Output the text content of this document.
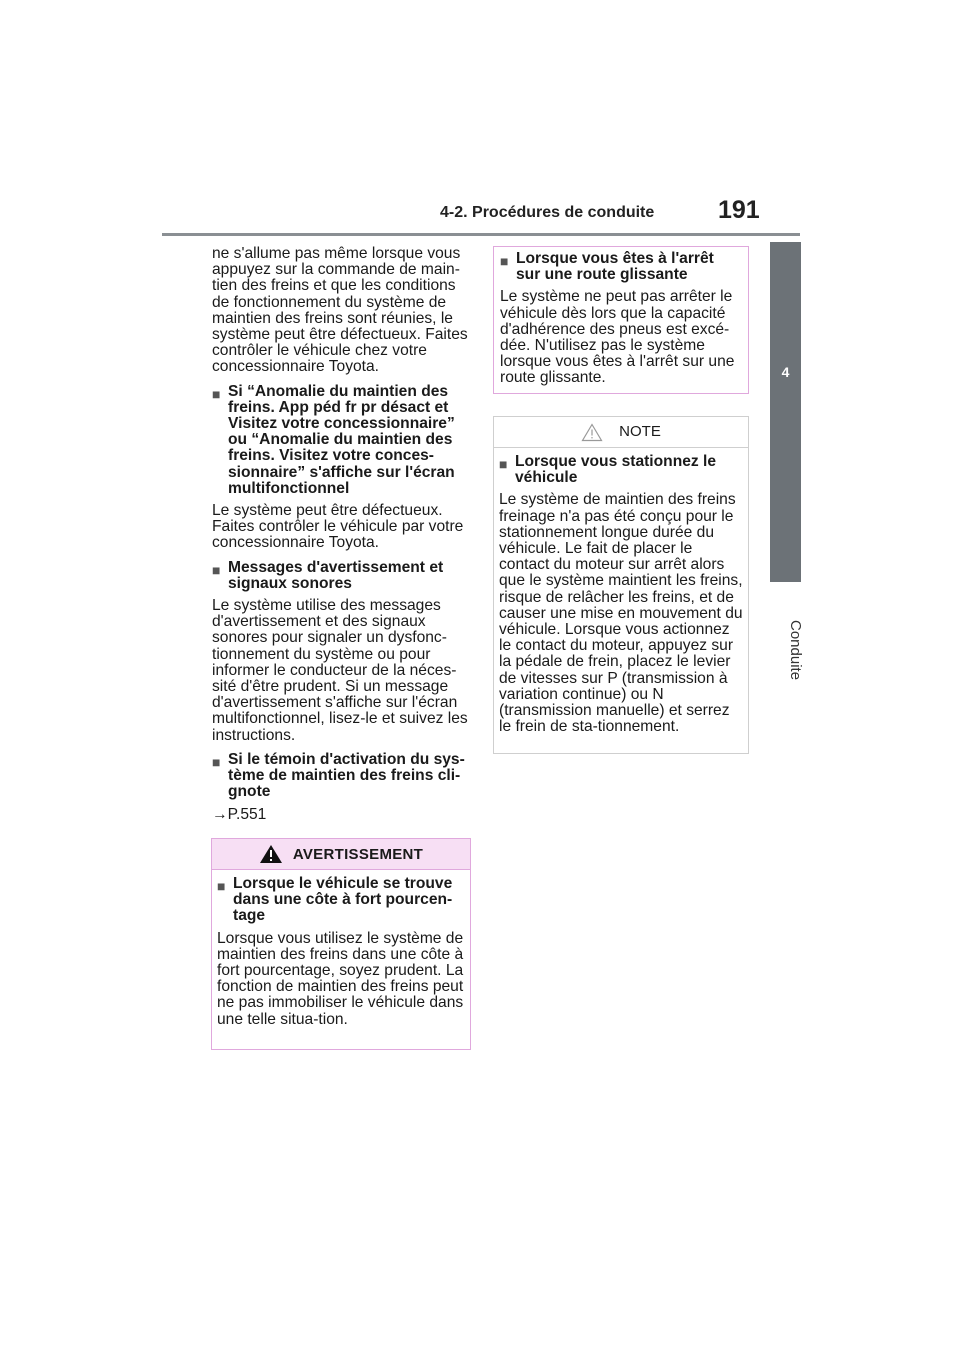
4-2. Procédures de conduite	191
4
Conduite

ne s'allume pas même lorsque vous appuyez sur la commande de main-tien des freins et que les conditions de fonctionnement du système de maintien des freins sont réunies, le système peut être défectueux. Faites contrôler le véhicule chez votre concessionnaire Toyota.

■ Si “Anomalie du maintien des freins. App péd fr pr désact et Visitez votre concessionnaire” ou “Anomalie du maintien des freins. Visitez votre conces-sionnaire” s'affiche sur l'écran multifonctionnel

Le système peut être défectueux. Faites contrôler le véhicule par votre concessionnaire Toyota.

■ Messages d'avertissement et signaux sonores

Le système utilise des messages d'avertissement et des signaux sonores pour signaler un dysfonc-tionnement du système ou pour informer le conducteur de la néces-sité d'être prudent. Si un message d'avertissement s'affiche sur l'écran multifonctionnel, lisez-le et suivez les instructions.

■ Si le témoin d'activation du sys-tème de maintien des freins cli-gnote

→P.551

AVERTISSEMENT
■ Lorsque le véhicule se trouve dans une côte à fort pourcen-tage

Lorsque vous utilisez le système de maintien des freins dans une côte à fort pourcentage, soyez prudent. La fonction de maintien des freins peut ne pas immobiliser le véhicule dans une telle situa-tion.

■ Lorsque vous êtes à l'arrêt sur une route glissante

Le système ne peut pas arrêter le véhicule dès lors que la capacité d'adhérence des pneus est excé-dée. N'utilisez pas le système lorsque vous êtes à l'arrêt sur une route glissante.

NOTE
■ Lorsque vous stationnez le véhicule

Le système de maintien des freins freinage n'a pas été conçu pour le stationnement longue durée du véhicule. Le fait de placer le contact du moteur sur arrêt alors que le système maintient les freins, risque de relâcher les freins, et de causer une mise en mouvement du véhicule. Lorsque vous actionnez le contact du moteur, appuyez sur la pédale de frein, placez le levier de vitesses sur P (transmission à variation continue) ou N (transmission manuelle) et serrez le frein de sta-tionnement.
